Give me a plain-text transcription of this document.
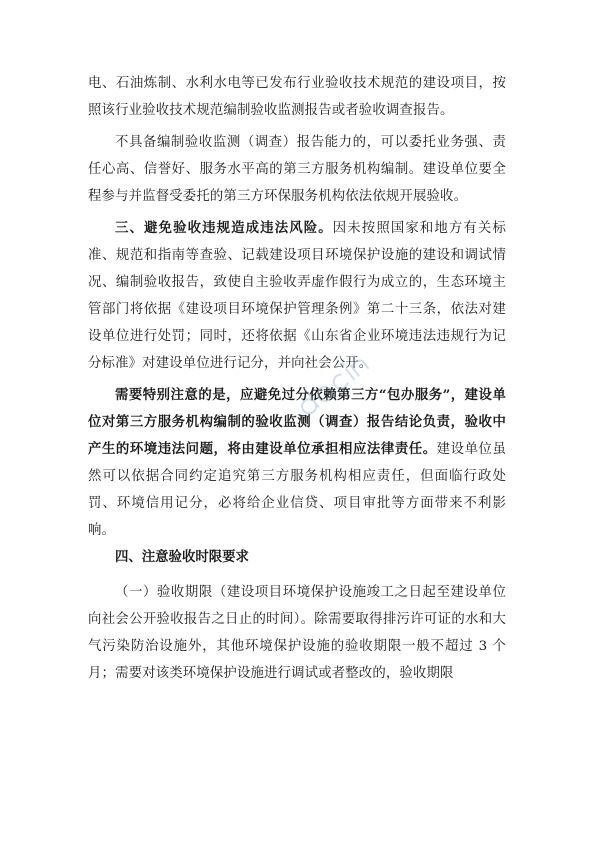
电、石油炼制、水利水电等已发布行业验收技术规范的建设项目，按照该行业验收技术规范编制验收监测报告或者验收调查报告。

不具备编制验收监测（调查）报告能力的，可以委托业务强、责任心高、信誉好、服务水平高的第三方服务机构编制。建设单位要全程参与并监督受委托的第三方环保服务机构依法依规开展验收。

三、避免验收违规造成违法风险。因未按照国家和地方有关标准、规范和指南等查验、记载建设项目环境保护设施的建设和调试情况、编制验收报告，致使自主验收弄虚作假行为成立的，生态环境主管部门将依据《建设项目环境保护管理条例》第二十三条，依法对建设单位进行处罚；同时，还将依据《山东省企业环境违法违规行为记分标准》对建设单位进行记分，并向社会公开。

需要特别注意的是，应避免过分依赖第三方“包办服务”，建设单位对第三方服务机构编制的验收监测（调查）报告结论负责，验收中产生的环境违法问题，将由建设单位承担相应法律责任。建设单位虽然可以依据合同约定追究第三方服务机构相应责任，但面临行政处罚、环境信用记分，必将给企业信贷、项目审批等方面带来不利影响。

四、注意验收时限要求

（一）验收期限（建设项目环境保护设施竣工之日起至建设单位向社会公开验收报告之日止的时间）。除需要取得排污许可证的水和大气污染防治设施外，其他环境保护设施的验收期限一般不超过 3 个月；需要对该类环境保护设施进行调试或者整改的，验收期限
